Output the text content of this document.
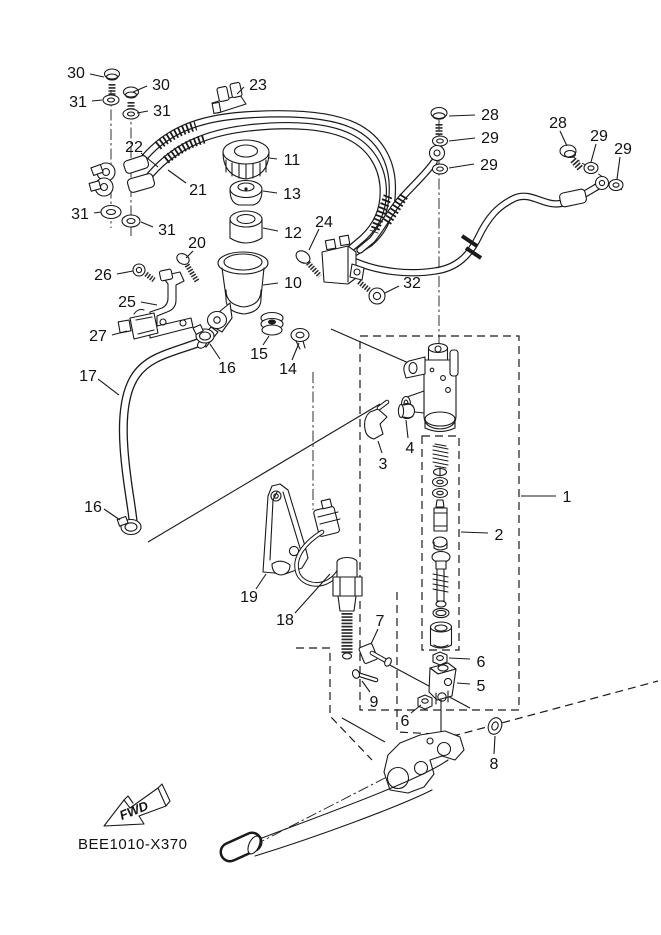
FWD
BEE1010-X370
30
30
31
31
23
22
21
31
31
20
26
25
27
11
13
12
10
24
32
28
29
29
28
29
29
17	16
15
14
16
3
4
1
2
19
18	7
9
6
5
6
8
